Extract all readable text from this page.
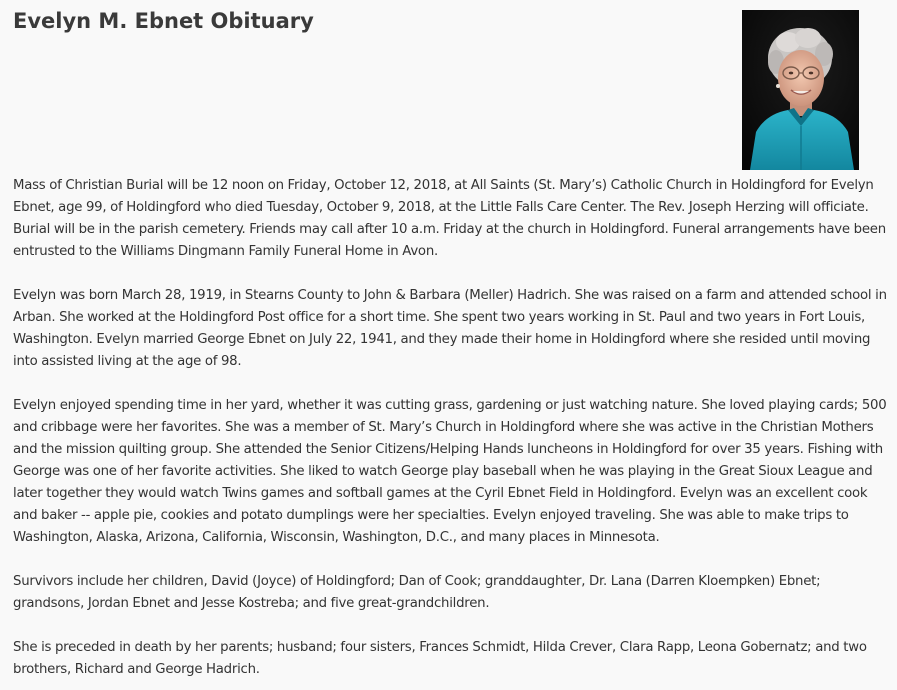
Evelyn M. Ebnet Obituary

Mass of Christian Burial will be 12 noon on Friday, October 12, 2018, at All Saints (St. Mary’s) Catholic Church in Holdingford for Evelyn Ebnet, age 99, of Holdingford who died Tuesday, October 9, 2018, at the Little Falls Care Center. The Rev. Joseph Herzing will officiate. Burial will be in the parish cemetery. Friends may call after 10 a.m. Friday at the church in Holdingford. Funeral arrangements have been entrusted to the Williams Dingmann Family Funeral Home in Avon.

Evelyn was born March 28, 1919, in Stearns County to John & Barbara (Meller) Hadrich. She was raised on a farm and attended school in Arban. She worked at the Holdingford Post office for a short time. She spent two years working in St. Paul and two years in Fort Louis, Washington. Evelyn married George Ebnet on July 22, 1941, and they made their home in Holdingford where she resided until moving into assisted living at the age of 98.

Evelyn enjoyed spending time in her yard, whether it was cutting grass, gardening or just watching nature. She loved playing cards; 500 and cribbage were her favorites. She was a member of St. Mary’s Church in Holdingford where she was active in the Christian Mothers and the mission quilting group. She attended the Senior Citizens/Helping Hands luncheons in Holdingford for over 35 years. Fishing with George was one of her favorite activities. She liked to watch George play baseball when he was playing in the Great Sioux League and later together they would watch Twins games and softball games at the Cyril Ebnet Field in Holdingford. Evelyn was an excellent cook and baker -- apple pie, cookies and potato dumplings were her specialties. Evelyn enjoyed traveling. She was able to make trips to Washington, Alaska, Arizona, California, Wisconsin, Washington, D.C., and many places in Minnesota.

Survivors include her children, David (Joyce) of Holdingford; Dan of Cook; granddaughter, Dr. Lana (Darren Kloempken) Ebnet; grandsons, Jordan Ebnet and Jesse Kostreba; and five great-grandchildren.

She is preceded in death by her parents; husband; four sisters, Frances Schmidt, Hilda Crever, Clara Rapp, Leona Gobernatz; and two brothers, Richard and George Hadrich.
